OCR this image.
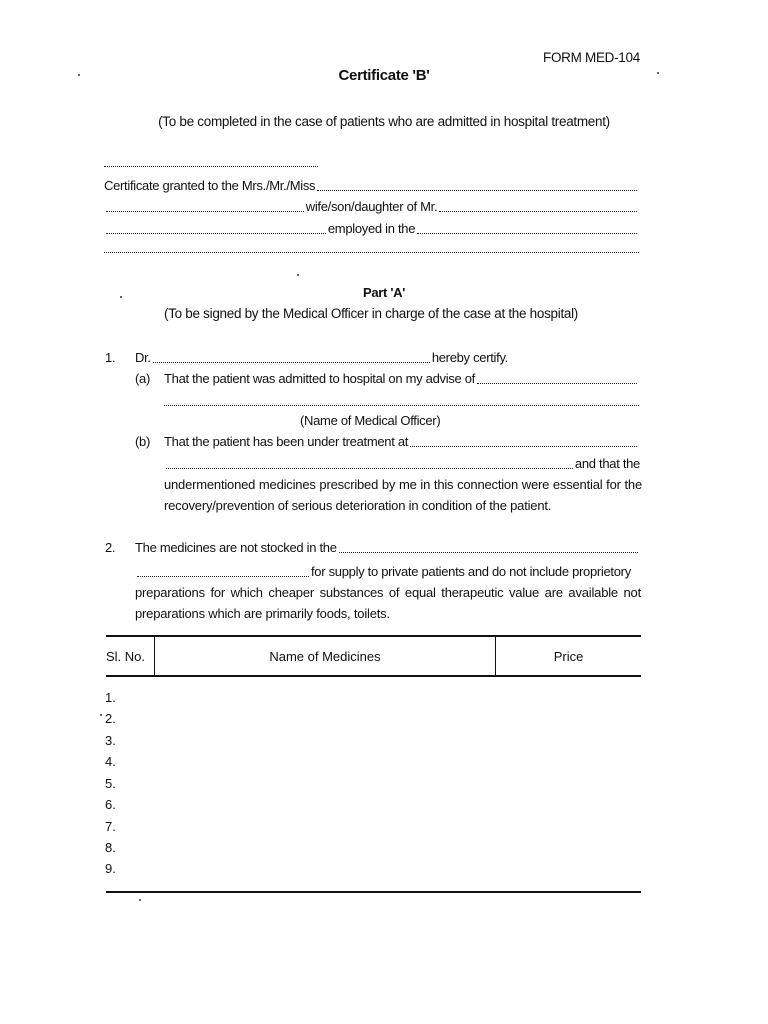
FORM MED-104
Certificate 'B'
(To be completed in the case of patients who are admitted in hospital treatment)
Certificate granted to the Mrs./Mr./Miss
wife/son/daughter of Mr.
employed in the
Part 'A'
(To be signed by the Medical Officer in charge of the case at the hospital)
1. Dr.	hereby certify.
(a) That the patient was admitted to hospital on my advise of
(Name of Medical Officer)
(b) That the patient has been under treatment at
and that the
undermentioned medicines prescribed by me in this connection were essential for the recovery/prevention of serious deterioration in condition of the patient.
2. The medicines are not stocked in the
for supply to private patients and do not include proprietory
preparations for which cheaper substances of equal therapeutic value are available not preparations which are primarily foods, toilets.
Sl. No.	Name of Medicines	Price
1.
2.
3.
4.
5.
6.
7.
8.
9.
